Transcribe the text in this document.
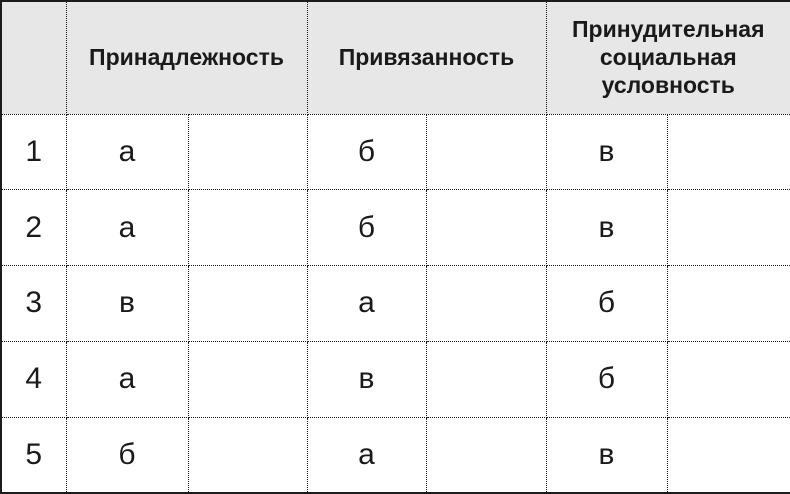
	Принадлежность		Привязанность		Принудительная социальная условность	
1	а		б		в	
2	а		б		в	
3	в		а		б	
4	а		в		б	
5	б		а		в	
